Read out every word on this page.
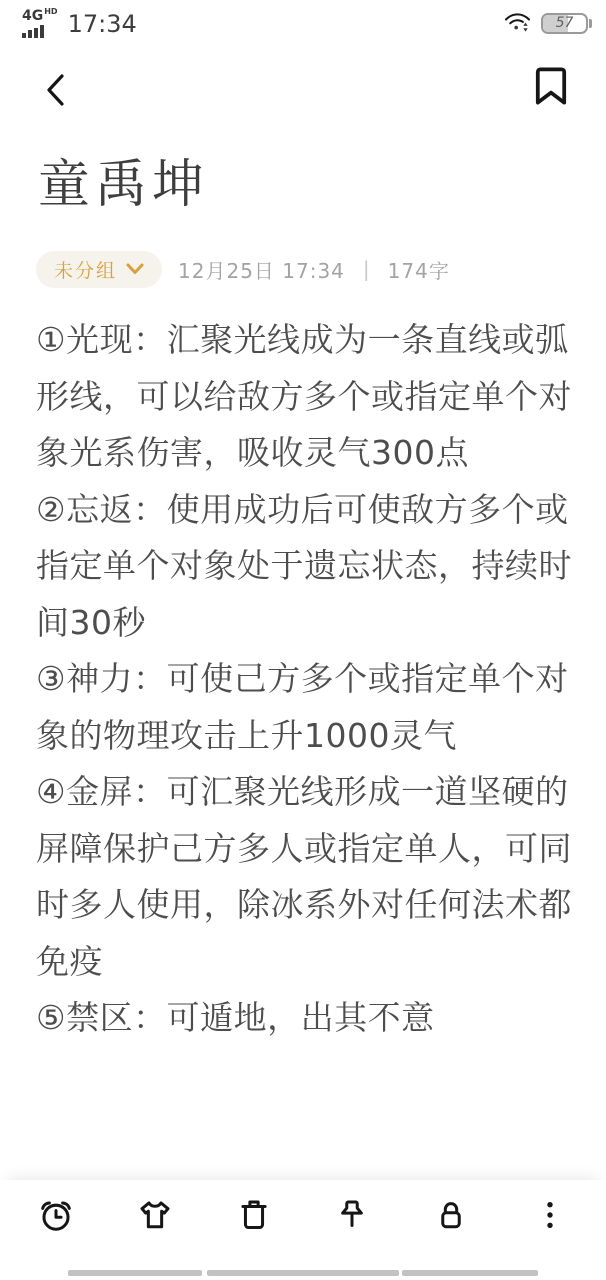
4G HD 17:34	57
童禹坤
未分组	12月25日 17:34 | 174字
①光现：汇聚光线成为一条直线或弧
形线，可以给敌方多个或指定单个对
象光系伤害，吸收灵气300点
②忘返：使用成功后可使敌方多个或
指定单个对象处于遗忘状态，持续时
间30秒
③神力：可使己方多个或指定单个对
象的物理攻击上升1000灵气
④金屏：可汇聚光线形成一道坚硬的
屏障保护己方多人或指定单人，可同
时多人使用，除冰系外对任何法术都
免疫
⑤禁区：可遁地，出其不意
